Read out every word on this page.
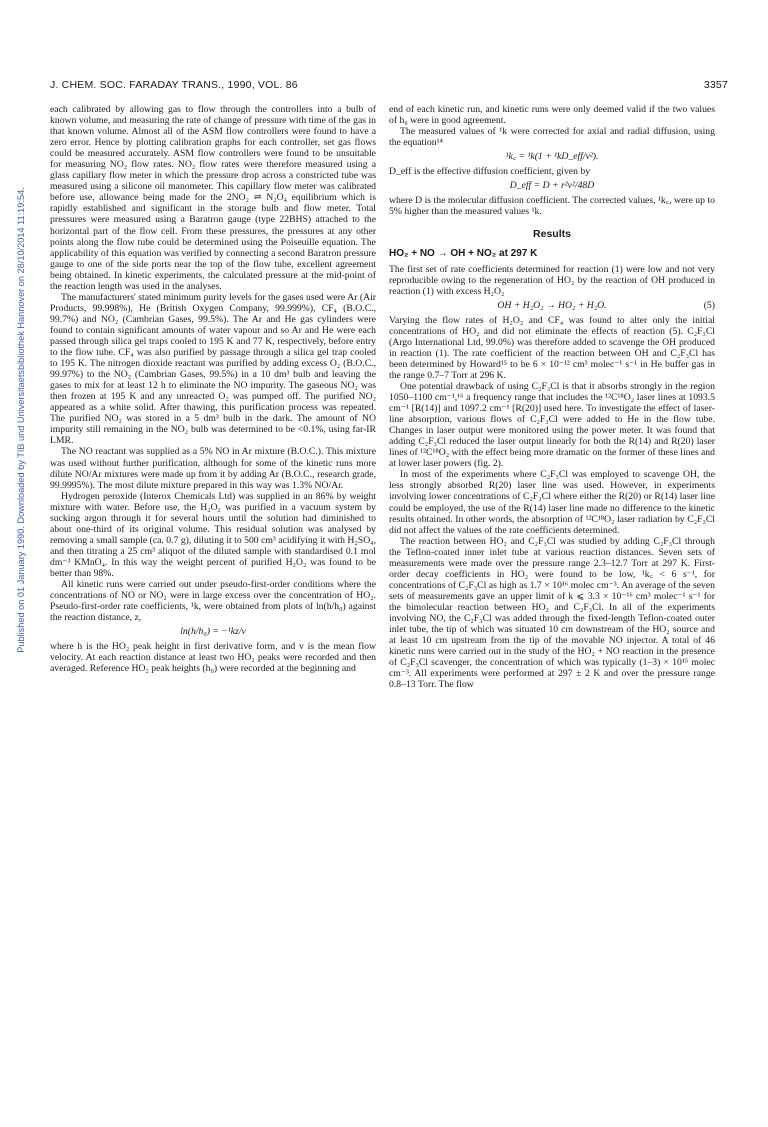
Published on 01 January 1990. Downloaded by TIB und Universitaetsbibliothek Hannover on 28/10/2014 11:19:54.
J. CHEM. SOC. FARADAY TRANS., 1990, VOL. 86	3357

each calibrated by allowing gas to flow through the controllers into a bulb of known volume, and measuring the rate of change of pressure with time of the gas in that known volume. Almost all of the ASM flow controllers were found to have a zero error. Hence by plotting calibration graphs for each controller, set gas flows could be measured accurately. ASM flow controllers were found to be unsuitable for measuring NO₂ flow rates. NO₂ flow rates were therefore measured using a glass capillary flow meter in which the pressure drop across a constricted tube was measured using a silicone oil manometer. This capillary flow meter was calibrated before use, allowance being made for the 2NO₂ ⇌ N₂O₄ equilibrium which is rapidly established and significant in the storage bulb and flow meter. Total pressures were measured using a Baratron gauge (type 22BHS) attached to the horizontal part of the flow cell. From these pressures, the pressures at any other points along the flow tube could be determined using the Poiseuille equation. The applicability of this equation was verified by connecting a second Baratron pressure gauge to one of the side ports near the top of the flow tube, excellent agreement being obtained. In kinetic experiments, the calculated pressure at the mid-point of the reaction length was used in the analyses.

The manufacturers' stated minimum purity levels for the gases used were Ar (Air Products, 99.998%), He (British Oxygen Company, 99.999%), CF₄ (B.O.C., 99.7%) and NO₂ (Cambrian Gases, 99.5%). The Ar and He gas cylinders were found to contain significant amounts of water vapour and so Ar and He were each passed through silica gel traps cooled to 195 K and 77 K, respectively, before entry to the flow tube. CF₄ was also purified by passage through a silica gel trap cooled to 195 K. The nitrogen dioxide reactant was purified by adding excess O₂ (B.O.C., 99.97%) to the NO₂ (Cambrian Gases, 99.5%) in a 10 dm³ bulb and leaving the gases to mix for at least 12 h to eliminate the NO impurity. The gaseous NO₂ was then frozen at 195 K and any unreacted O₂ was pumped off. The purified NO₂ appeared as a white solid. After thawing, this purification process was repeated. The purified NO₂ was stored in a 5 dm³ bulb in the dark. The amount of NO impurity still remaining in the NO₂ bulb was determined to be <0.1%, using far-IR LMR.

The NO reactant was supplied as a 5% NO in Ar mixture (B.O.C.). This mixture was used without further purification, although for some of the kinetic runs more dilute NO/Ar mixtures were made up from it by adding Ar (B.O.C., research grade, 99.9995%). The most dilute mixture prepared in this way was 1.3% NO/Ar.

Hydrogen peroxide (Interox Chemicals Ltd) was supplied in an 86% by weight mixture with water. Before use, the H₂O₂ was purified in a vacuum system by sucking argon through it for several hours until the solution had diminished to about one-third of its original volume. This residual solution was analysed by removing a small sample (ca. 0.7 g), diluting it to 500 cm³ acidifying it with H₂SO₄, and then titrating a 25 cm³ aliquot of the diluted sample with standardised 0.1 mol dm⁻³ KMnO₄. In this way the weight percent of purified H₂O₂ was found to be better than 98%.

All kinetic runs were carried out under pseudo-first-order conditions where the concentrations of NO or NO₂ were in large excess over the concentration of HO₂. Pseudo-first-order rate coefficients, ¹k, were obtained from plots of ln(h/h₀) against the reaction distance, z,

ln(h/h₀) = −¹kz/v

where h is the HO₂ peak height in first derivative form, and v is the mean flow velocity. At each reaction distance at least two HO₂ peaks were recorded and then averaged. Reference HO₂ peak heights (h₀) were recorded at the beginning and

end of each kinetic run, and kinetic runs were only deemed valid if the two values of h₀ were in good agreement.

The measured values of ¹k were corrected for axial and radial diffusion, using the equation¹⁴

¹k꜀ = ¹k(1 + ¹kD_eff/v²).

D_eff is the effective diffusion coefficient, given by

D_eff = D + r²v²/48D

where D is the molecular diffusion coefficient. The corrected values, ¹k꜀, were up to 5% higher than the measured values ¹k.

Results
HO₂ + NO → OH + NO₂ at 297 K

The first set of rate coefficients determined for reaction (1) were low and not very reproducible owing to the regeneration of HO₂ by the reaction of OH produced in reaction (1) with excess H₂O₂

OH + H₂O₂ → HO₂ + H₂O.	(5)

Varying the flow rates of H₂O₂ and CF₄ was found to alter only the initial concentrations of HO₂ and did not eliminate the effects of reaction (5). C₂F₃Cl (Argo International Ltd, 99.0%) was therefore added to scavenge the OH produced in reaction (1). The rate coefficient of the reaction between OH and C₂F₃Cl has been determined by Howard¹⁵ to be 6 × 10⁻¹² cm³ molec⁻¹ s⁻¹ in He buffer gas in the range 0.7–7 Torr at 296 K.

One potential drawback of using C₂F₃Cl is that it absorbs strongly in the region 1050–1100 cm⁻¹,¹⁶ a frequency range that includes the ¹²C¹⁸O₂ laser lines at 1093.5 cm⁻¹ [R(14)] and 1097.2 cm⁻¹ [R(20)] used here. To investigate the effect of laser-line absorption, various flows of C₂F₃Cl were added to He in the flow tube. Changes in laser output were monitored using the power meter. It was found that adding C₂F₃Cl reduced the laser output linearly for both the R(14) and R(20) laser lines of ¹²C¹⁸O₂ with the effect being more dramatic on the former of these lines and at lower laser powers (fig. 2).

In most of the experiments where C₂F₃Cl was employed to scavenge OH, the less strongly absorbed R(20) laser line was used. However, in experiments involving lower concentrations of C₂F₃Cl where either the R(20) or R(14) laser line could be employed, the use of the R(14) laser line made no difference to the kinetic results obtained. In other words, the absorption of ¹²C¹⁸O₂ laser radiation by C₂F₃Cl did not affect the values of the rate coefficients determined.

The reaction between HO₂ and C₂F₃Cl was studied by adding C₂F₃Cl through the Teflon-coated inner inlet tube at various reaction distances. Seven sets of measurements were made over the pressure range 2.3–12.7 Torr at 297 K. First-order decay coefficients in HO₂ were found to be low, ¹k꜀ < 6 s⁻¹, for concentrations of C₂F₃Cl as high as 1.7 × 10¹⁶ molec cm⁻³. An average of the seven sets of measurements gave an upper limit of k ⩽ 3.3 × 10⁻¹⁶ cm³ molec⁻¹ s⁻¹ for the bimolecular reaction between HO₂ and C₂F₃Cl. In all of the experiments involving NO, the C₂F₃Cl was added through the fixed-length Teflon-coated outer inlet tube, the tip of which was situated 10 cm downstream of the HO₂ source and at least 10 cm upstream from the tip of the movable NO injector. A total of 46 kinetic runs were carried out in the study of the HO₂ + NO reaction in the presence of C₂F₃Cl scavenger, the concentration of which was typically (1–3) × 10¹⁵ molec cm⁻³. All experiments were performed at 297 ± 2 K and over the pressure range 0.8–13 Torr. The flow
